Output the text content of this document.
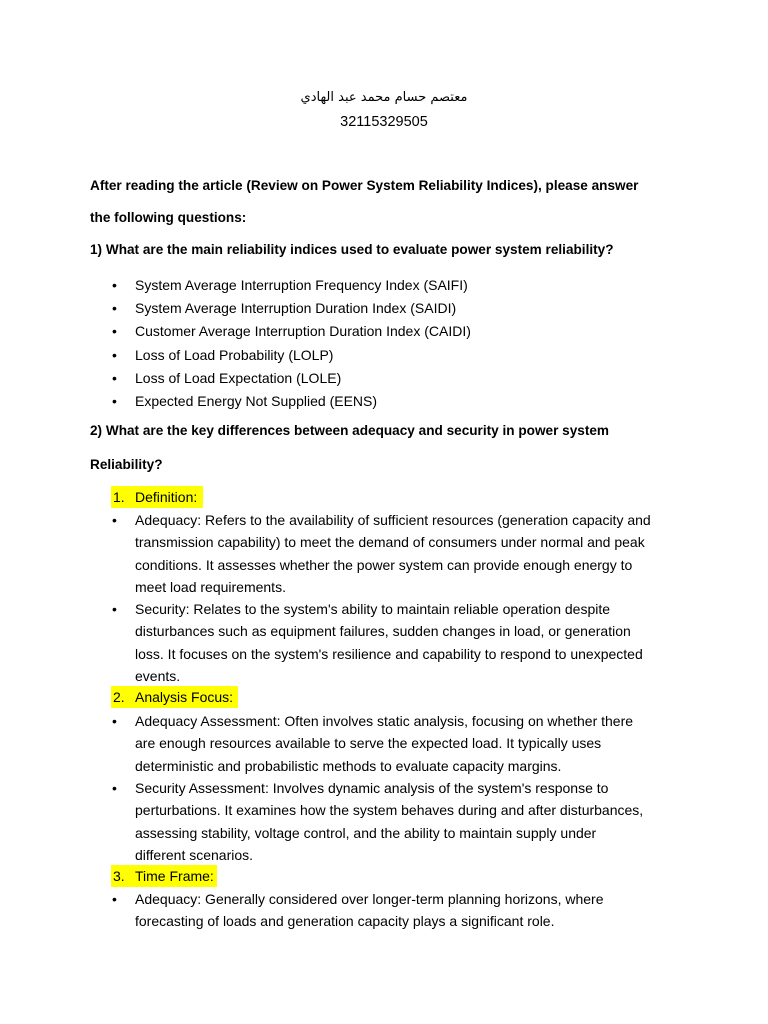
معتصم حسام محمد عبد الهادي
32115329505
After reading the article (Review on Power System Reliability Indices), please answer
the following questions:
1) What are the main reliability indices used to evaluate power system reliability?
• System Average Interruption Frequency Index (SAIFI)
• System Average Interruption Duration Index (SAIDI)
• Customer Average Interruption Duration Index (CAIDI)
• Loss of Load Probability (LOLP)
• Loss of Load Expectation (LOLE)
• Expected Energy Not Supplied (EENS)
2) What are the key differences between adequacy and security in power system
Reliability?
1. Definition:
• Adequacy: Refers to the availability of sufficient resources (generation capacity and
transmission capability) to meet the demand of consumers under normal and peak
conditions. It assesses whether the power system can provide enough energy to
meet load requirements.
• Security: Relates to the system's ability to maintain reliable operation despite
disturbances such as equipment failures, sudden changes in load, or generation
loss. It focuses on the system's resilience and capability to respond to unexpected
events.
2. Analysis Focus:
• Adequacy Assessment: Often involves static analysis, focusing on whether there
are enough resources available to serve the expected load. It typically uses
deterministic and probabilistic methods to evaluate capacity margins.
• Security Assessment: Involves dynamic analysis of the system's response to
perturbations. It examines how the system behaves during and after disturbances,
assessing stability, voltage control, and the ability to maintain supply under
different scenarios.
3. Time Frame:
• Adequacy: Generally considered over longer-term planning horizons, where
forecasting of loads and generation capacity plays a significant role.
